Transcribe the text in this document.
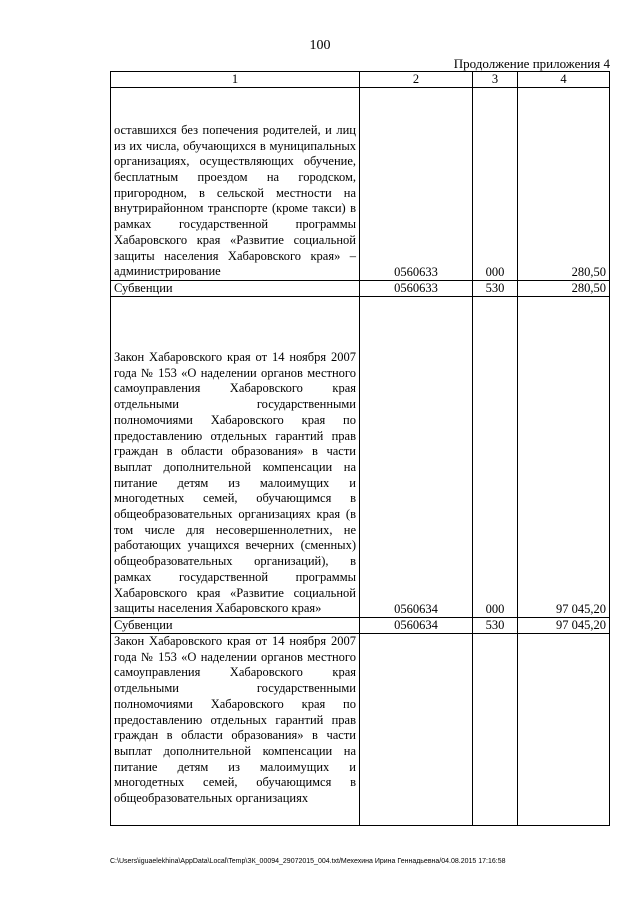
100
Продолжение приложения 4
1	2	3	4
оставшихся без попечения родителей, и лиц из их числа, обучающихся в муниципальных организациях, осуществляющих обучение, бесплатным проездом на городском, пригородном, в сельской местности на внутрирайонном транспорте (кроме такси) в рамках государственной программы Хабаровского края «Развитие социальной защиты населения Хабаровского края» – администрирование	0560633	000	280,50
Субвенции	0560633	530	280,50
Закон Хабаровского края от 14 ноября 2007 года № 153 «О наделении органов местного самоуправления Хабаровского края отдельными государственными полномочиями Хабаровского края по предоставлению отдельных гарантий прав граждан в области образования» в части выплат дополнительной компенсации на питание детям из малоимущих и многодетных семей, обучающимся в общеобразовательных организациях края (в том числе для несовершеннолетних, не работающих учащихся вечерних (сменных) общеобразовательных организаций), в рамках государственной программы Хабаровского края «Развитие социальной защиты населения Хабаровского края»	0560634	000	97 045,20
Субвенции	0560634	530	97 045,20
Закон Хабаровского края от 14 ноября 2007 года № 153 «О наделении органов местного самоуправления Хабаровского края отдельными государственными полномочиями Хабаровского края по предоставлению отдельных гарантий прав граждан в области образования» в части выплат дополнительной компенсации на питание детям из малоимущих и многодетных семей, обучающимся в общеобразовательных организациях			
C:\Users\iguaelekhina\AppData\Local\Temp\ЗК_00094_29072015_004.txt/Мехехина Ирина Геннадьевна/04.08.2015 17:16:58
